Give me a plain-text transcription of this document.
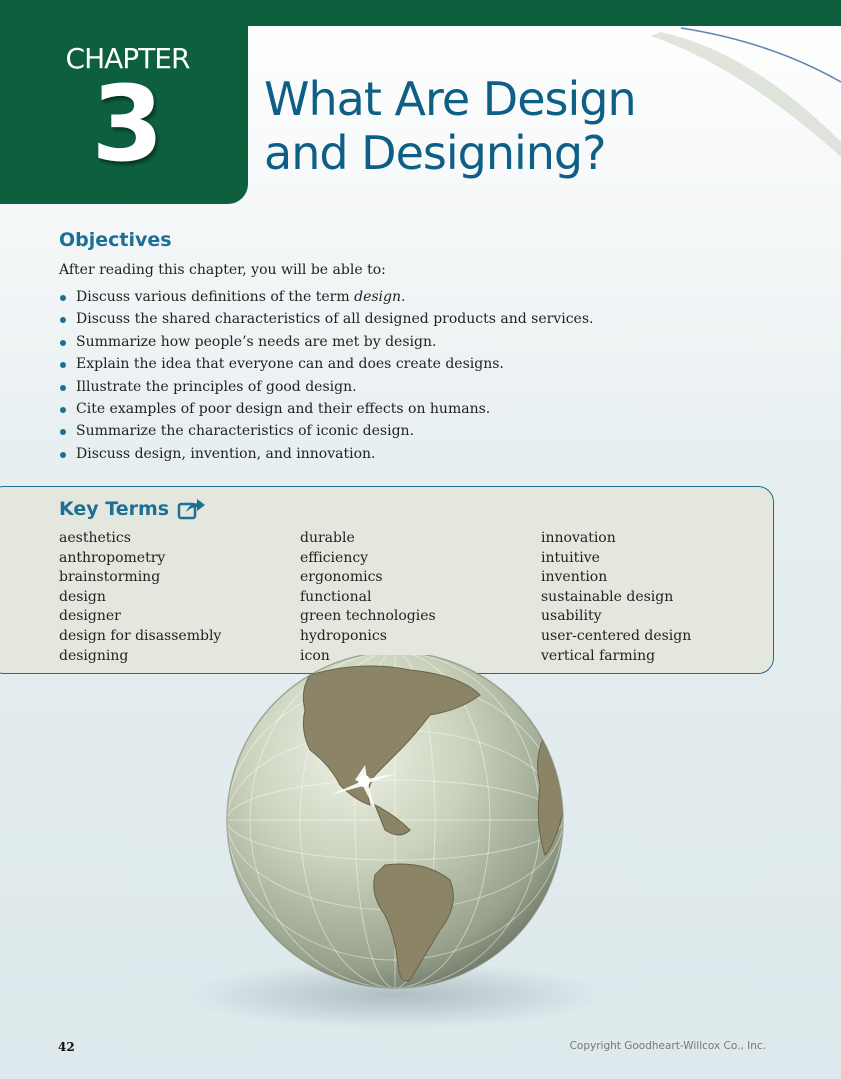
CHAPTER
3	What Are Design
and Designing?
Objectives

After reading this chapter, you will be able to:

Discuss various definitions of the term design.
Discuss the shared characteristics of all designed products and services.
Summarize how people’s needs are met by design.
Explain the idea that everyone can and does create designs.
Illustrate the principles of good design.
Cite examples of poor design and their effects on humans.
Summarize the characteristics of iconic design.
Discuss design, invention, and innovation.
Key Terms
aesthetics
anthropometry
brainstorming
design
designer
design for disassembly
designing
durable
efficiency
ergonomics
functional
green technologies
hydroponics
icon
innovation
intuitive
invention
sustainable design
usability
user-centered design
vertical farming
42	Copyright Goodheart-Willcox Co., Inc.
